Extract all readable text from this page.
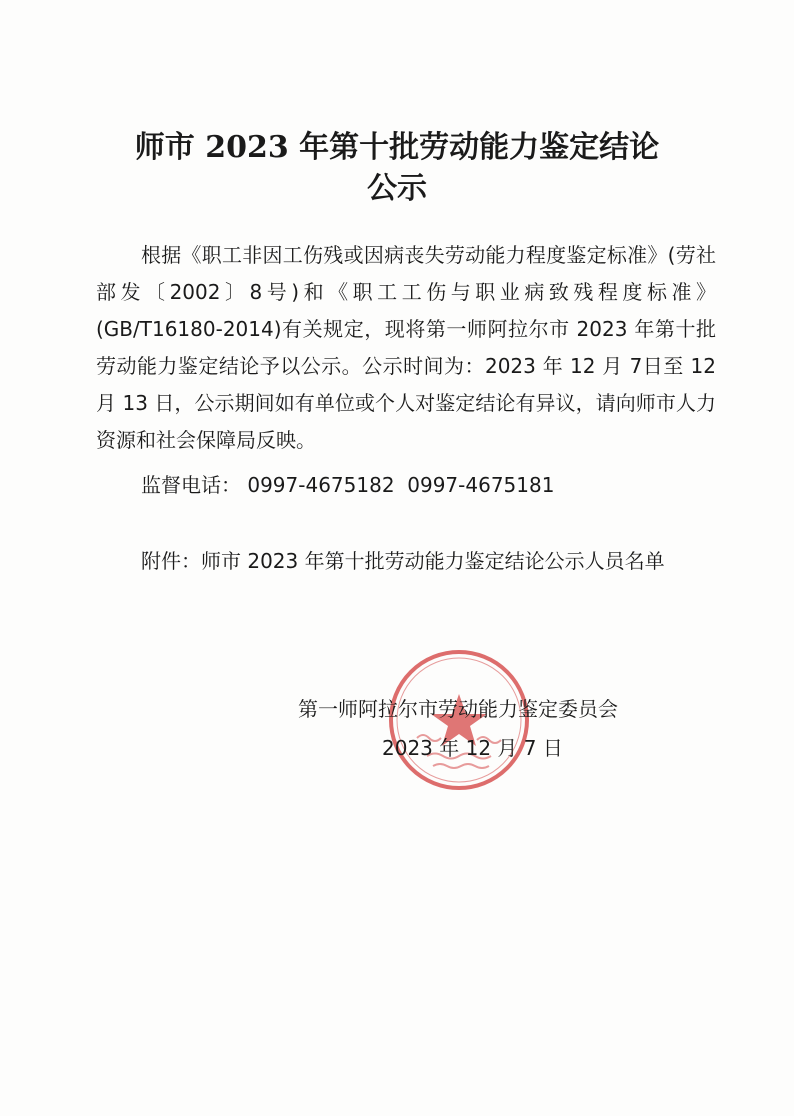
师市 2023 年第十批劳动能力鉴定结论
公示

根据《职工非因工伤残或因病丧失劳动能力程度鉴定标准》(劳社部发〔2002〕8号)和《职工工伤与职业病致残程度标准》(GB/T16180-2014)有关规定，现将第一师阿拉尔市 2023 年第十批劳动能力鉴定结论予以公示。公示时间为：2023 年 12 月 7日至 12 月 13 日，公示期间如有单位或个人对鉴定结论有异议，请向师市人力资源和社会保障局反映。

监督电话： 0997-4675182  0997-4675181

附件：师市 2023 年第十批劳动能力鉴定结论公示人员名单

第一师阿拉尔市劳动能力鉴定委员会
2023 年 12 月 7 日
